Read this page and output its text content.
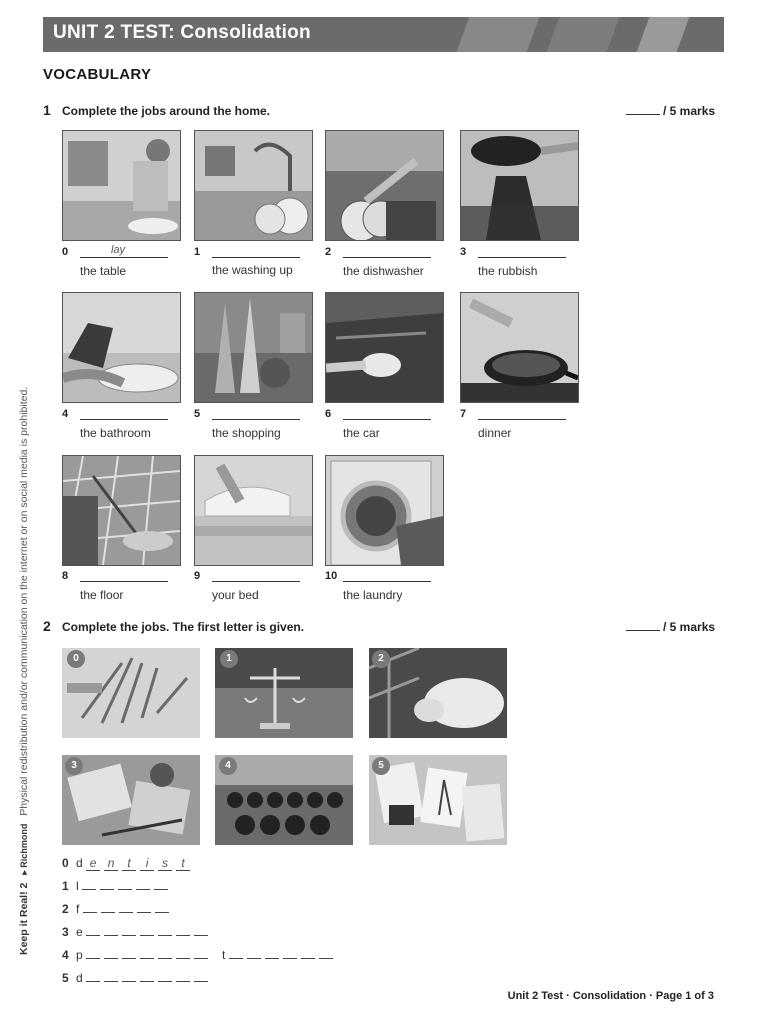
UNIT 2 TEST: Consolidation
VOCABULARY
1 Complete the jobs around the home.	/ 5 marks
0	lay
the table
1
the washing up
2
the dishwasher
3
the rubbish
4
the bathroom
5
the shopping
6
the car
7
dinner
8
the floor
9
your bed
10
the laundry
2 Complete the jobs. The first letter is given.	/ 5 marks
0	1	2
3	4	5
0 d e n t i s t
1 l
2 f
3 e
4 p	t
5 d
Keep it Real! 2 ▸ Richmond Physical redistribution and/or communication on the internet or on social media is prohibited.
Unit 2 Test · Consolidation · Page 1 of 3
